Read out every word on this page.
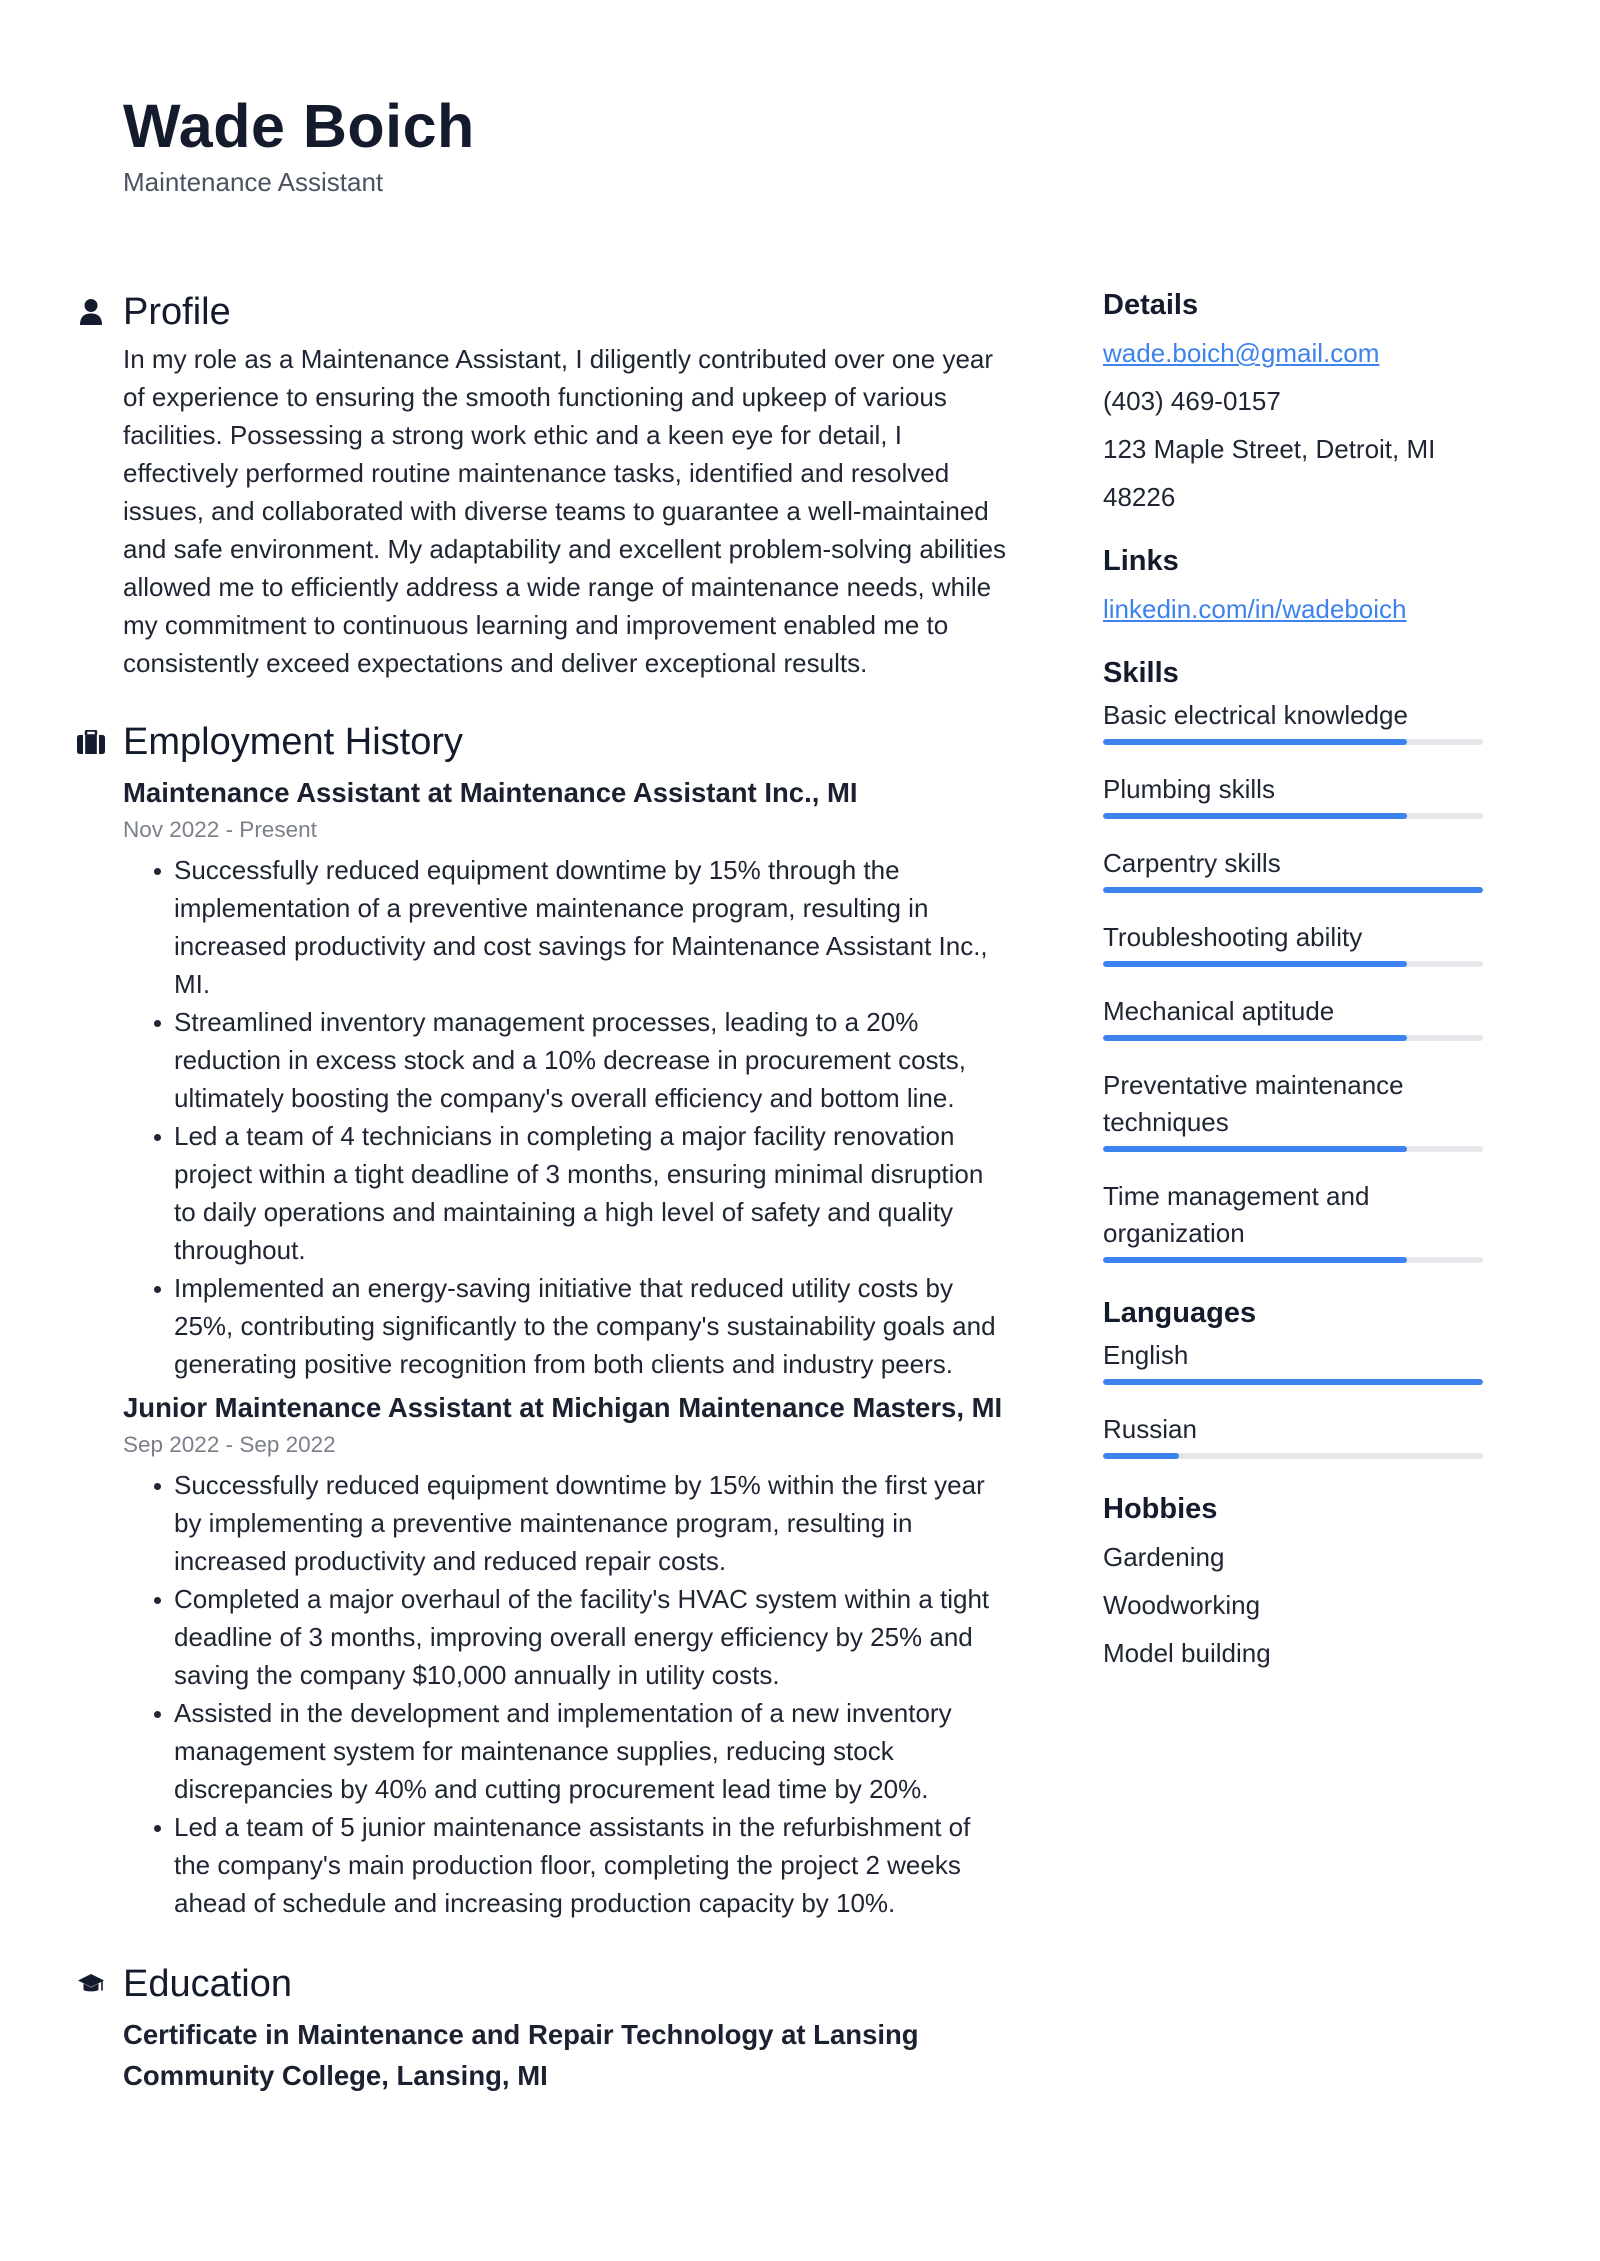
Wade Boich
Maintenance Assistant
Profile
In my role as a Maintenance Assistant, I diligently contributed over one year of experience to ensuring the smooth functioning and upkeep of various facilities. Possessing a strong work ethic and a keen eye for detail, I effectively performed routine maintenance tasks, identified and resolved issues, and collaborated with diverse teams to guarantee a well-maintained and safe environment. My adaptability and excellent problem-solving abilities allowed me to efficiently address a wide range of maintenance needs, while my commitment to continuous learning and improvement enabled me to consistently exceed expectations and deliver exceptional results.
Employment History
Maintenance Assistant at Maintenance Assistant Inc., MI
Nov 2022 - Present
Successfully reduced equipment downtime by 15% through the implementation of a preventive maintenance program, resulting in increased productivity and cost savings for Maintenance Assistant Inc., MI.
Streamlined inventory management processes, leading to a 20% reduction in excess stock and a 10% decrease in procurement costs, ultimately boosting the company's overall efficiency and bottom line.
Led a team of 4 technicians in completing a major facility renovation project within a tight deadline of 3 months, ensuring minimal disruption to daily operations and maintaining a high level of safety and quality throughout.
Implemented an energy-saving initiative that reduced utility costs by 25%, contributing significantly to the company's sustainability goals and generating positive recognition from both clients and industry peers.
Junior Maintenance Assistant at Michigan Maintenance Masters, MI
Sep 2022 - Sep 2022
Successfully reduced equipment downtime by 15% within the first year by implementing a preventive maintenance program, resulting in increased productivity and reduced repair costs.
Completed a major overhaul of the facility's HVAC system within a tight deadline of 3 months, improving overall energy efficiency by 25% and saving the company $10,000 annually in utility costs.
Assisted in the development and implementation of a new inventory management system for maintenance supplies, reducing stock discrepancies by 40% and cutting procurement lead time by 20%.
Led a team of 5 junior maintenance assistants in the refurbishment of the company's main production floor, completing the project 2 weeks ahead of schedule and increasing production capacity by 10%.
Education
Certificate in Maintenance and Repair Technology at Lansing Community College, Lansing, MI
Details
wade.boich@gmail.com
(403) 469-0157
123 Maple Street, Detroit, MI 48226
Links
linkedin.com/in/wadeboich
Skills
Basic electrical knowledge
Plumbing skills
Carpentry skills
Troubleshooting ability
Mechanical aptitude
Preventative maintenance techniques
Time management and organization
Languages
English
Russian
Hobbies
Gardening
Woodworking
Model building
